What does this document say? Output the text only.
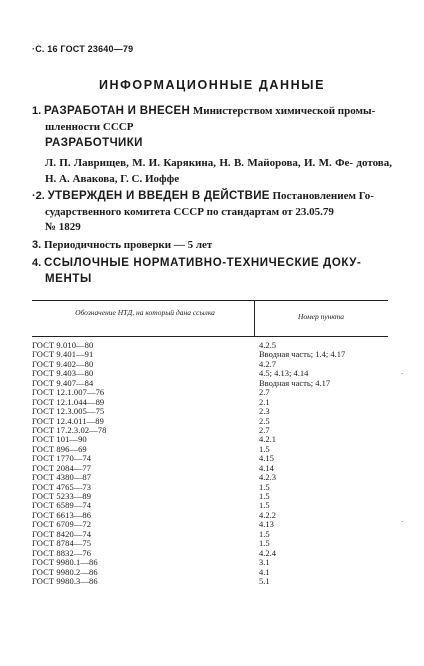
·С. 16 ГОСТ 23640—79
ИНФОРМАЦИОННЫЕ ДАННЫЕ
1. РАЗРАБОТАН И ВНЕСЕН Министерством химической промы-
шленности СССР
РАЗРАБОТЧИКИ
Л. П. Лаврищев, М. И. Карякина, Н. В. Майорова, И. М. Фе- дотова, Н. А. Авакова, Г. С. Иоффе
·2. УТВЕРЖДЕН И ВВЕДЕН В ДЕЙСТВИЕ Постановлением Го-
сударственного комитета СССР по стандартам от 23.05.79
№ 1829
3. Периодичность проверки — 5 лет
4. ССЫЛОЧНЫЕ НОРМАТИВНО-ТЕХНИЧЕСКИЕ ДОКУ-
МЕНТЫ
Обозначение НТД, на который дана ссылка	Номер пункта
ГОСТ 9.010—80	4.2.5
ГОСТ 9.401—91	Вводная часть; 1.4; 4.17
ГОСТ 9.402—80	4.2.7
ГОСТ 9.403—80	4.5; 4.13; 4.14
ГОСТ 9.407—84	Вводная часть; 4.17
ГОСТ 12.1.007—76	2.7
ГОСТ 12.1.044—89	2.1
ГОСТ 12.3.005—75	2.3
ГОСТ 12.4.011—89	2.5
ГОСТ 17.2.3.02—78	2.7
ГОСТ 101—90	4.2.1
ГОСТ 896—69	1.5
ГОСТ 1770—74	4.15
ГОСТ 2084—77	4.14
ГОСТ 4380—87	4.2.3
ГОСТ 4765—73	1.5
ГОСТ 5233—89	1.5
ГОСТ 6589—74	1.5
ГОСТ 6613—86	4.2.2
ГОСТ 6709—72	4.13
ГОСТ 8420—74	1.5
ГОСТ 8784—75	1.5
ГОСТ 8832—76	4.2.4
ГОСТ 9980.1—86	3.1
ГОСТ 9980.2—86	4.1
ГОСТ 9980.3—86	5.1
.
.
